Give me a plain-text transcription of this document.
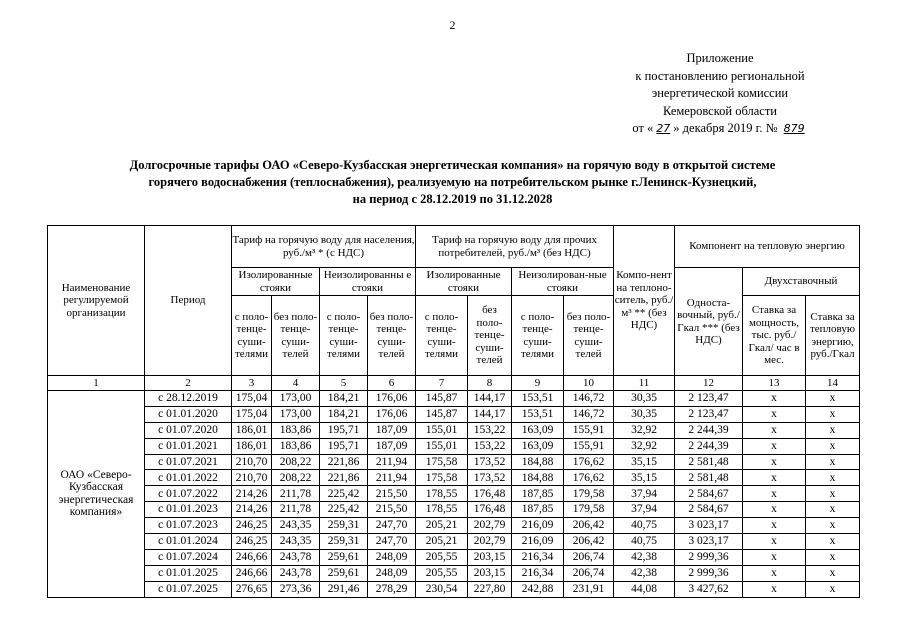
2
Приложение
к постановлению региональной
энергетической комиссии
Кемеровской области
от « 27 » декабря 2019 г. № 879
Долгосрочные тарифы ОАО «Северо-Кузбасская энергетическая компания» на горячую воду в открытой системе
горячего водоснабжения (теплоснабжения), реализуемую на потребительском рынке г.Ленинск-Кузнецкий,
на период с 28.12.2019 по 31.12.2028
Наименование регулируемой организации	Период	Тариф на горячую воду для населения, руб./м³ * (с НДС)				Тариф на горячую воду для прочих потребителей, руб./м³ (без НДС)				Компо-нент на теплоно-ситель, руб./м³ ** (без НДС)	Компонент на тепловую энергию		
		Изолированные стояки		Неизолированны е стояки		Изолированные стояки		Неизолирован-ные стояки			Односта-вочный, руб./Гкал *** (без НДС)	Двухставочный	
		с поло-тенце-суши-телями	без поло-тенце-суши-телей	с поло-тенце-суши-телями	без поло-тенце-суши-телей	с поло-тенце-суши-телями	без поло-тенце-суши-телей	с поло-тенце-суши-телями	без поло-тенце-суши-телей			Ставка за мощность, тыс. руб./ Гкал/ час в мес.	Ставка за тепловую энергию, руб./Гкал

1	2	3	4	5	6	7	8	9	10	11	12	13	14
ОАО «Северо-Кузбасская энергетическая компания»	с 28.12.2019	175,04	173,00	184,21	176,06	145,87	144,17	153,51	146,72	30,35	2 123,47	х	х
	с 01.01.2020	175,04	173,00	184,21	176,06	145,87	144,17	153,51	146,72	30,35	2 123,47	х	х
	с 01.07.2020	186,01	183,86	195,71	187,09	155,01	153,22	163,09	155,91	32,92	2 244,39	х	х
	с 01.01.2021	186,01	183,86	195,71	187,09	155,01	153,22	163,09	155,91	32,92	2 244,39	х	х
	с 01.07.2021	210,70	208,22	221,86	211,94	175,58	173,52	184,88	176,62	35,15	2 581,48	х	х
	с 01.01.2022	210,70	208,22	221,86	211,94	175,58	173,52	184,88	176,62	35,15	2 581,48	х	х
	с 01.07.2022	214,26	211,78	225,42	215,50	178,55	176,48	187,85	179,58	37,94	2 584,67	х	х
	с 01.01.2023	214,26	211,78	225,42	215,50	178,55	176,48	187,85	179,58	37,94	2 584,67	х	х
	с 01.07.2023	246,25	243,35	259,31	247,70	205,21	202,79	216,09	206,42	40,75	3 023,17	х	х
	с 01.01.2024	246,25	243,35	259,31	247,70	205,21	202,79	216,09	206,42	40,75	3 023,17	х	х
	с 01.07.2024	246,66	243,78	259,61	248,09	205,55	203,15	216,34	206,74	42,38	2 999,36	х	х
	с 01.01.2025	246,66	243,78	259,61	248,09	205,55	203,15	216,34	206,74	42,38	2 999,36	х	х
	с 01.07.2025	276,65	273,36	291,46	278,29	230,54	227,80	242,88	231,91	44,08	3 427,62	х	х
